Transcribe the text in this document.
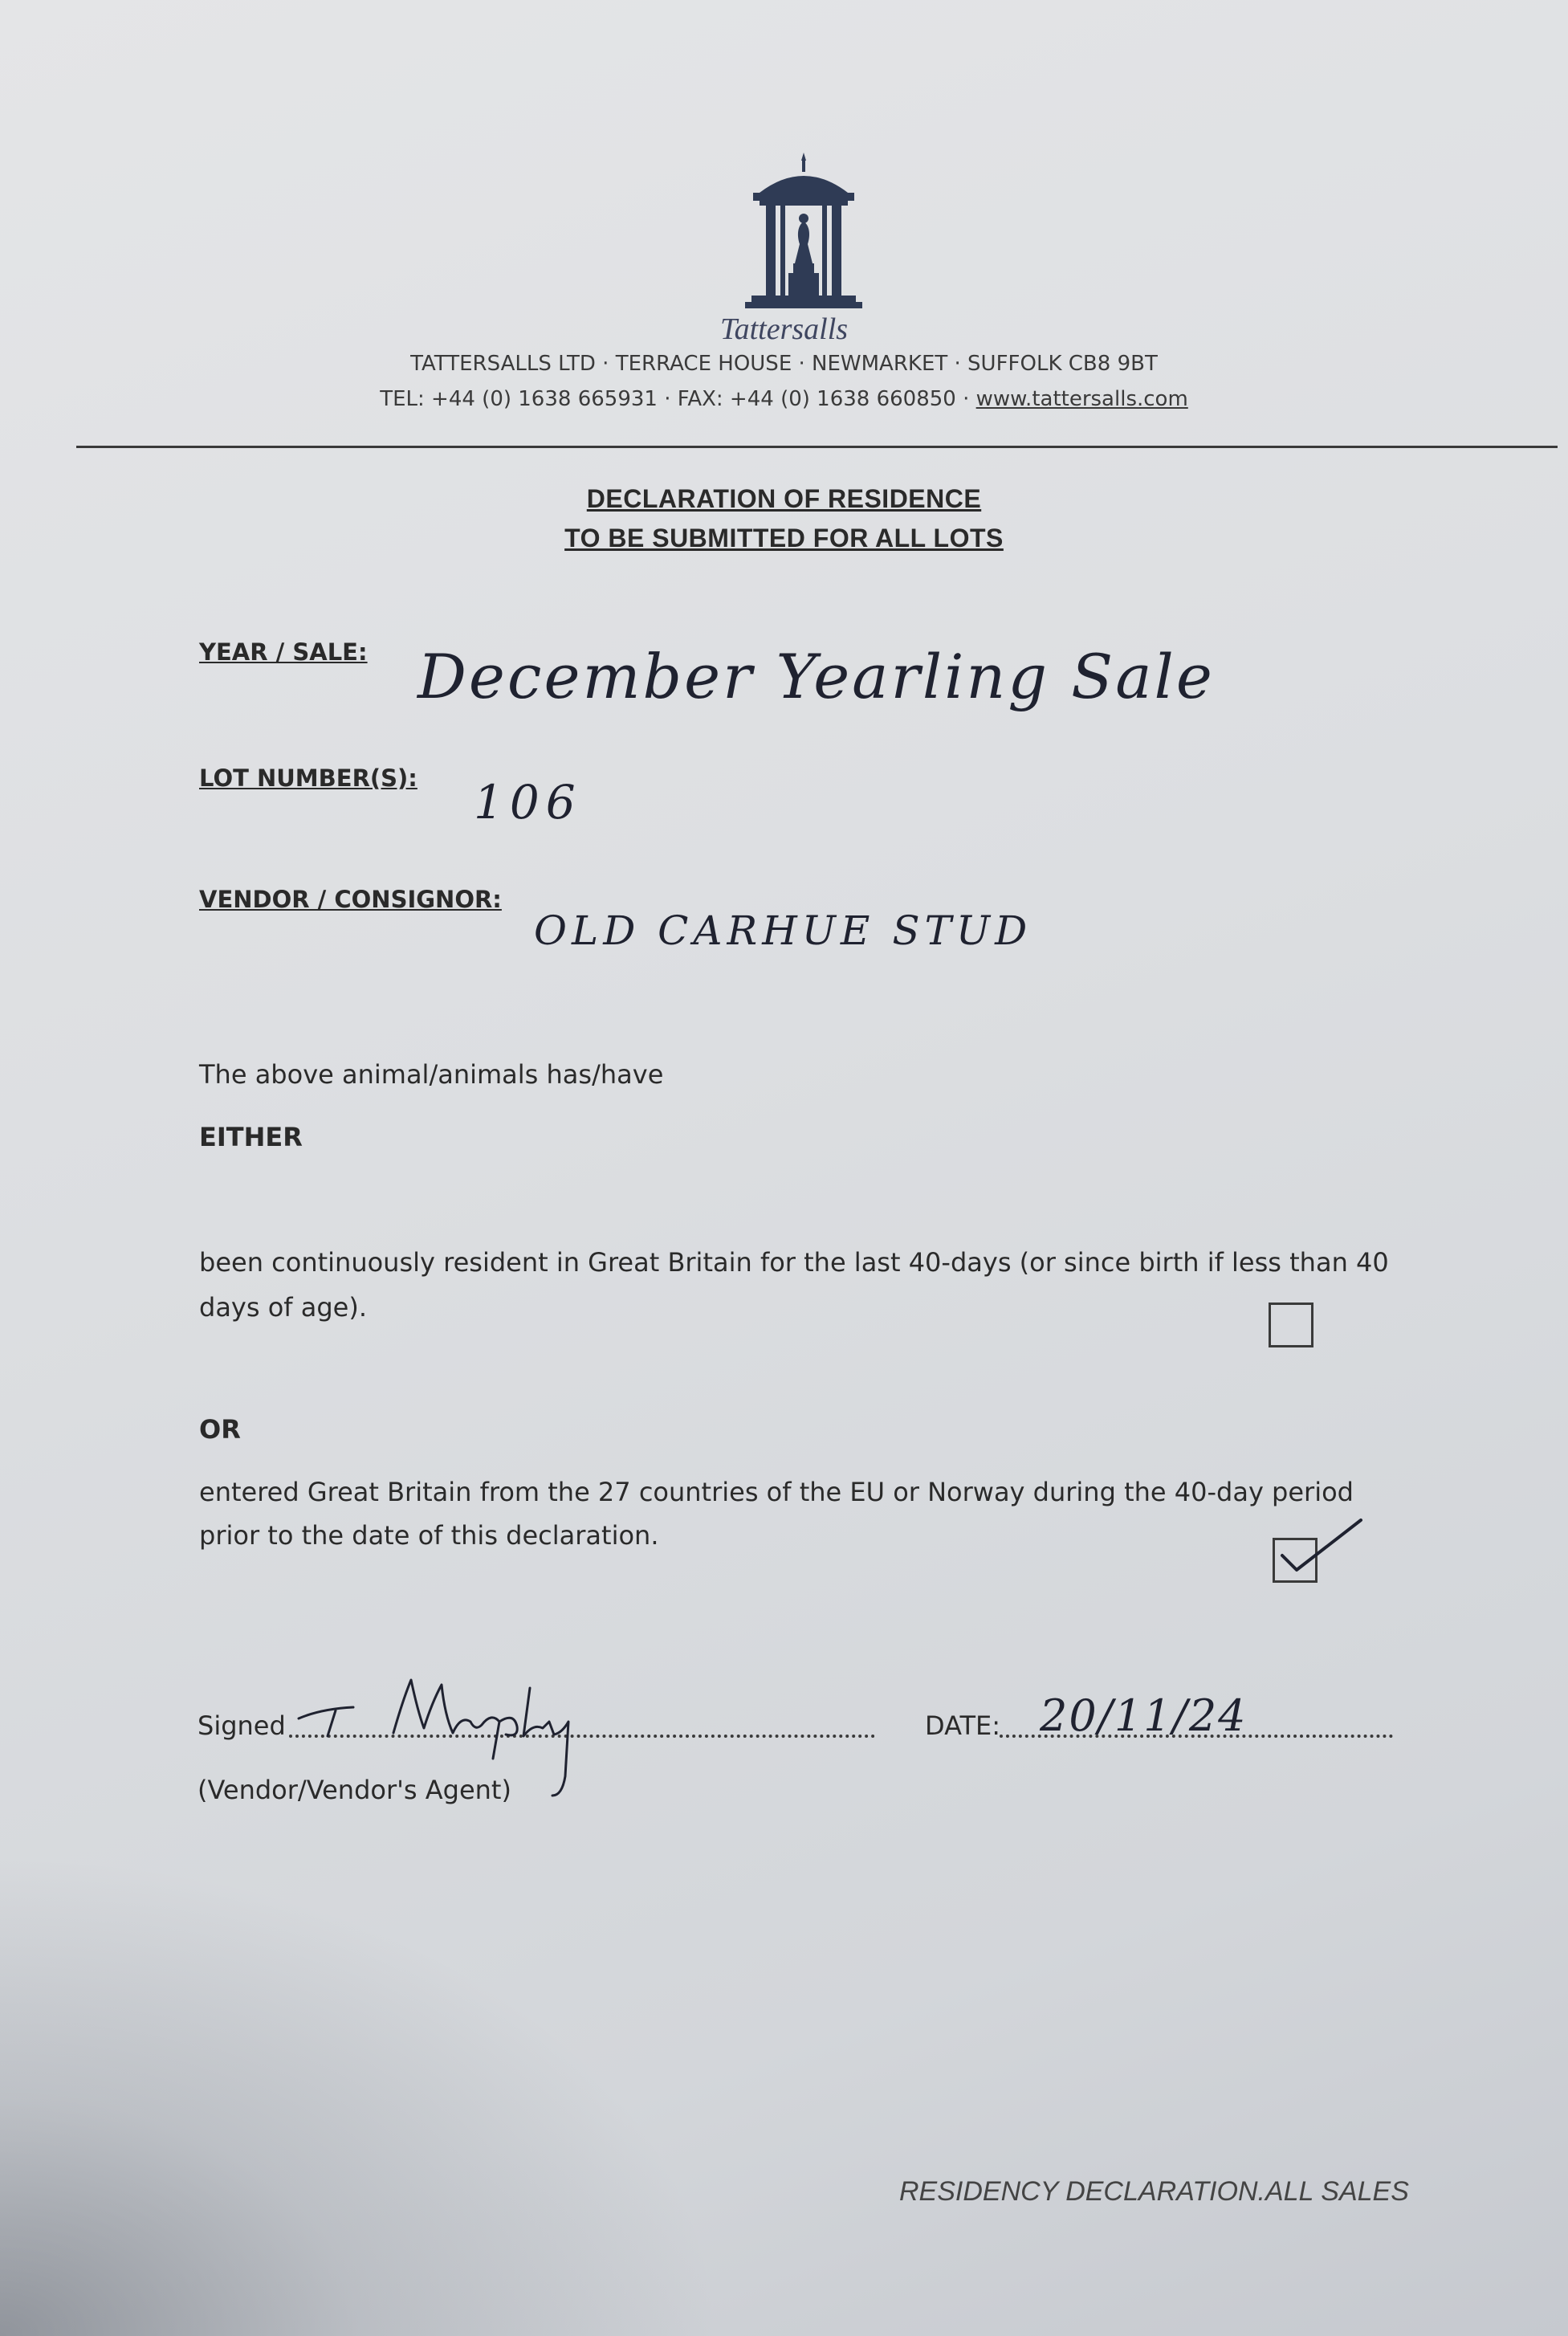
Tattersalls
TATTERSALLS LTD · TERRACE HOUSE · NEWMARKET · SUFFOLK CB8 9BT
TEL: +44 (0) 1638 665931 · FAX: +44 (0) 1638 660850 · www.tattersalls.com
DECLARATION OF RESIDENCE
TO BE SUBMITTED FOR ALL LOTS
YEAR / SALE: December Yearling Sale
LOT NUMBER(S): 106
VENDOR / CONSIGNOR:
OLD CARHUE STUD
The above animal/animals has/have
EITHER
been continuously resident in Great Britain for the last 40-days (or since birth if less than 40
days of age).
OR
entered Great Britain from the 27 countries of the EU or Norway during the 40-day period
prior to the date of this declaration.
Signed
(Vendor/Vendor's Agent)
DATE: 20/11/24
RESIDENCY DECLARATION.ALL SALES
